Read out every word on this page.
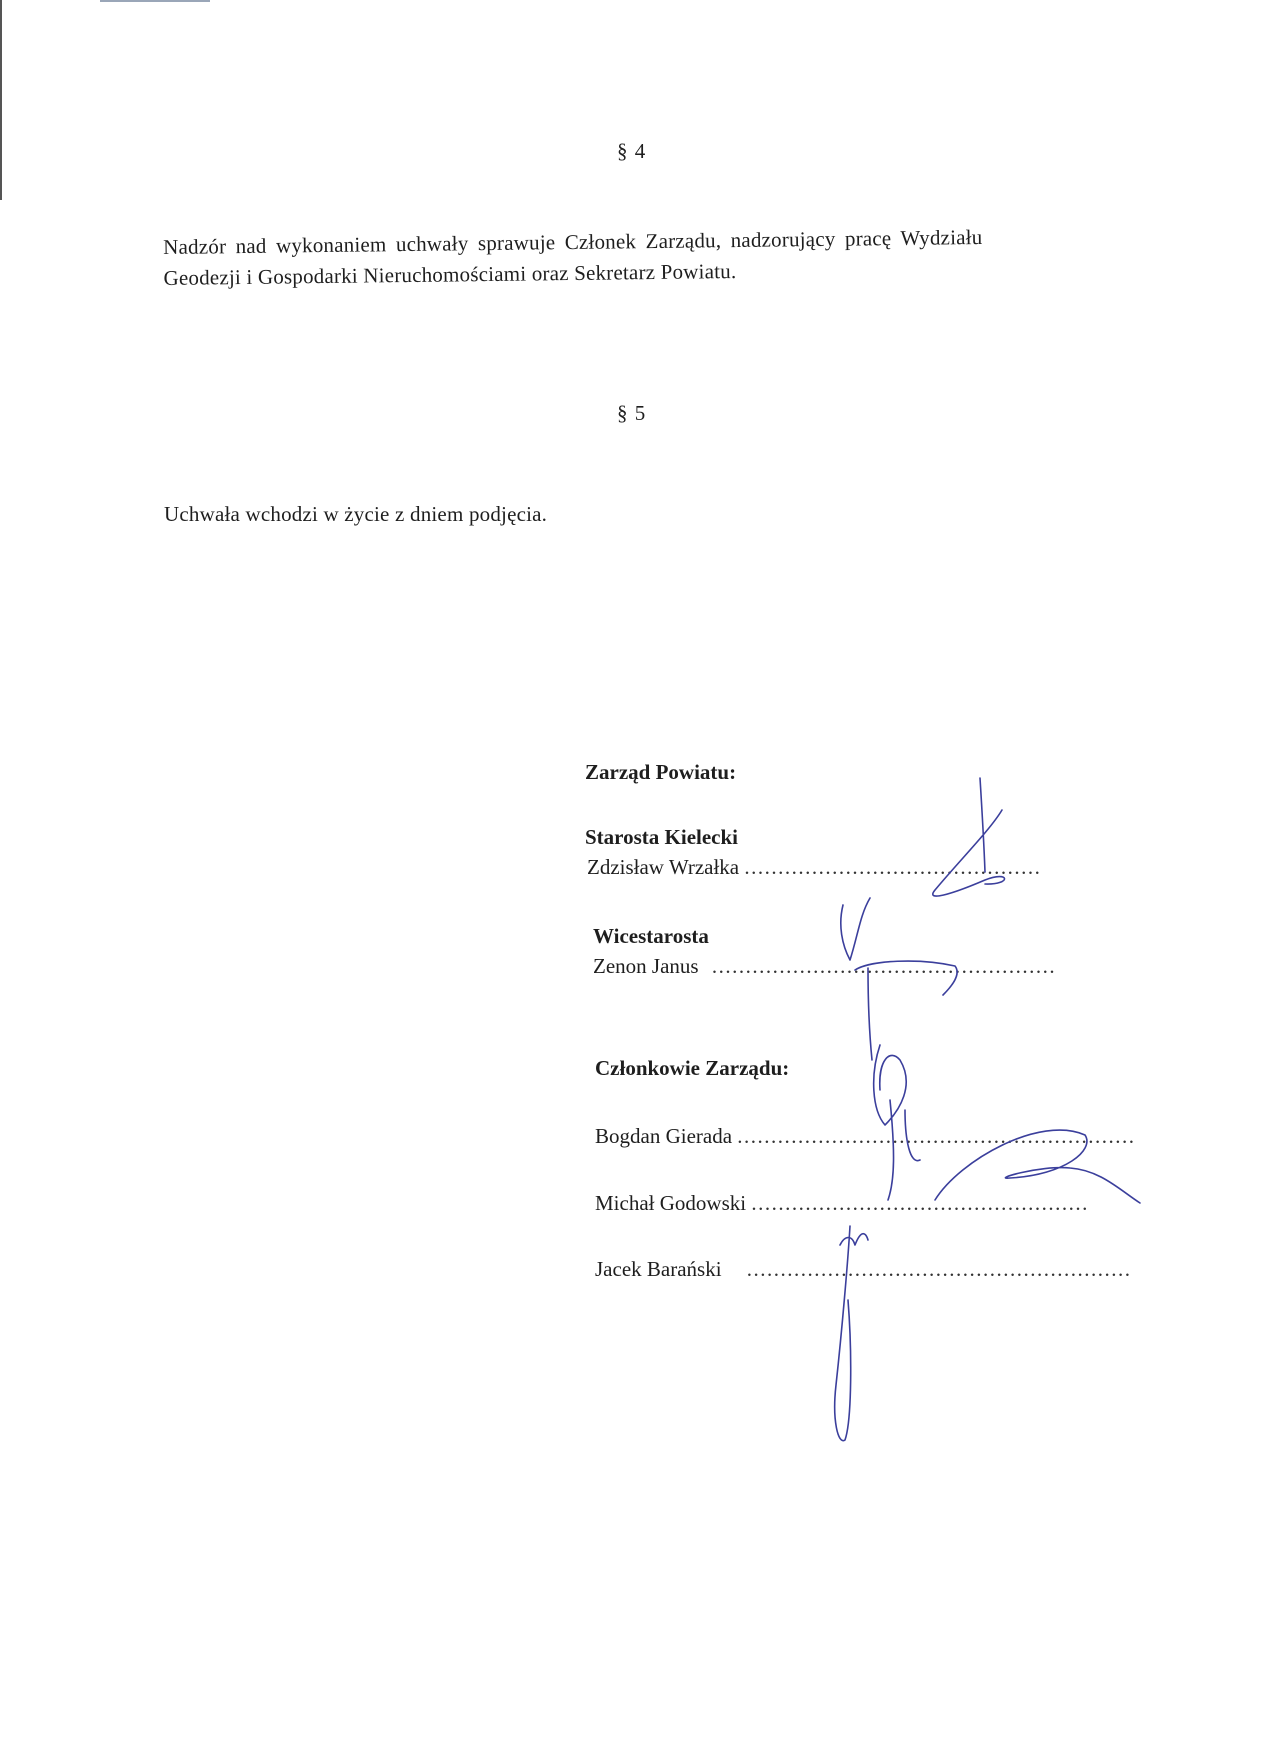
§ 4
Nadzór nad wykonaniem uchwały sprawuje Członek Zarządu, nadzorujący pracę Wydziału
Geodezji i Gospodarki Nieruchomościami oraz Sekretarz Powiatu.
§ 5
Uchwała wchodzi w życie z dniem podjęcia.
Zarząd Powiatu:
Starosta Kielecki
Zdzisław Wrzałka ............................................
Wicestarosta
Zenon Janus ...................................................
Członkowie Zarządu:
Bogdan Gierada ...........................................................
Michał Godowski ..................................................
Jacek Barański .........................................................
